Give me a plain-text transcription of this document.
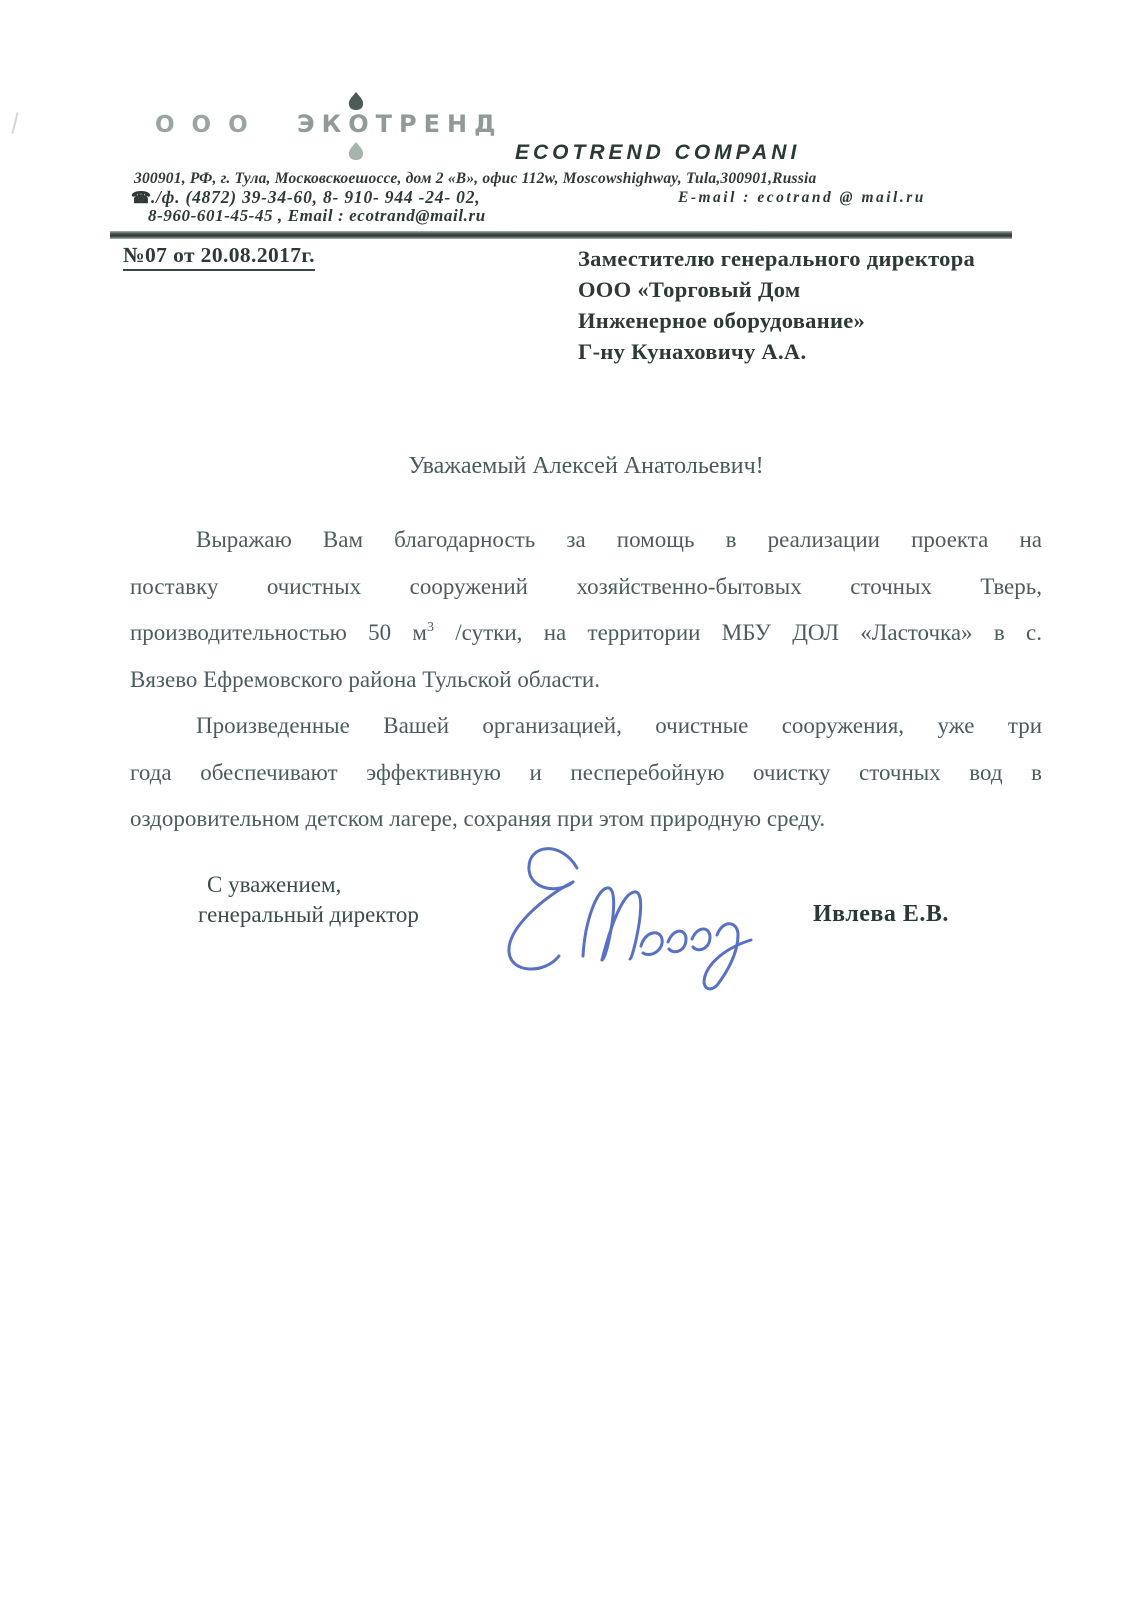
ООО ЭКОТРЕНД
ECOTREND COMPANI
300901, РФ, г. Тула, Московскоешоссе, дом 2 «В», офис 112w, Moscowshighway, Tula,300901,Russia
☎./ф. (4872) 39-34-60, 8- 910- 944 -24- 02,	E-mail : ecotrand @ mail.ru
8-960-601-45-45 , Email : ecotrand@mail.ru
№07 от 20.08.2017г.	Заместителю генерального директора
ООО «Торговый Дом
Инженерное оборудование»
Г-ну Кунаховичу А.А.
Уважаемый Алексей Анатольевич!
Выражаю Вам благодарность за помощь в реализации проекта на
поставку очистных сооружений хозяйственно-бытовых сточных Тверь,
производительностью 50 $м^3$ /сутки, на территории МБУ ДОЛ «Ласточка» в с.
Вязево Ефремовского района Тульской области.
Произведенные Вашей организацией, очистные сооружения, уже три
года обеспечивают эффективную и песперебойную очистку сточных вод в
оздоровительном детском лагере, сохраняя при этом природную среду.
С уважением,
генеральный директор	Ивлева Е.В.
